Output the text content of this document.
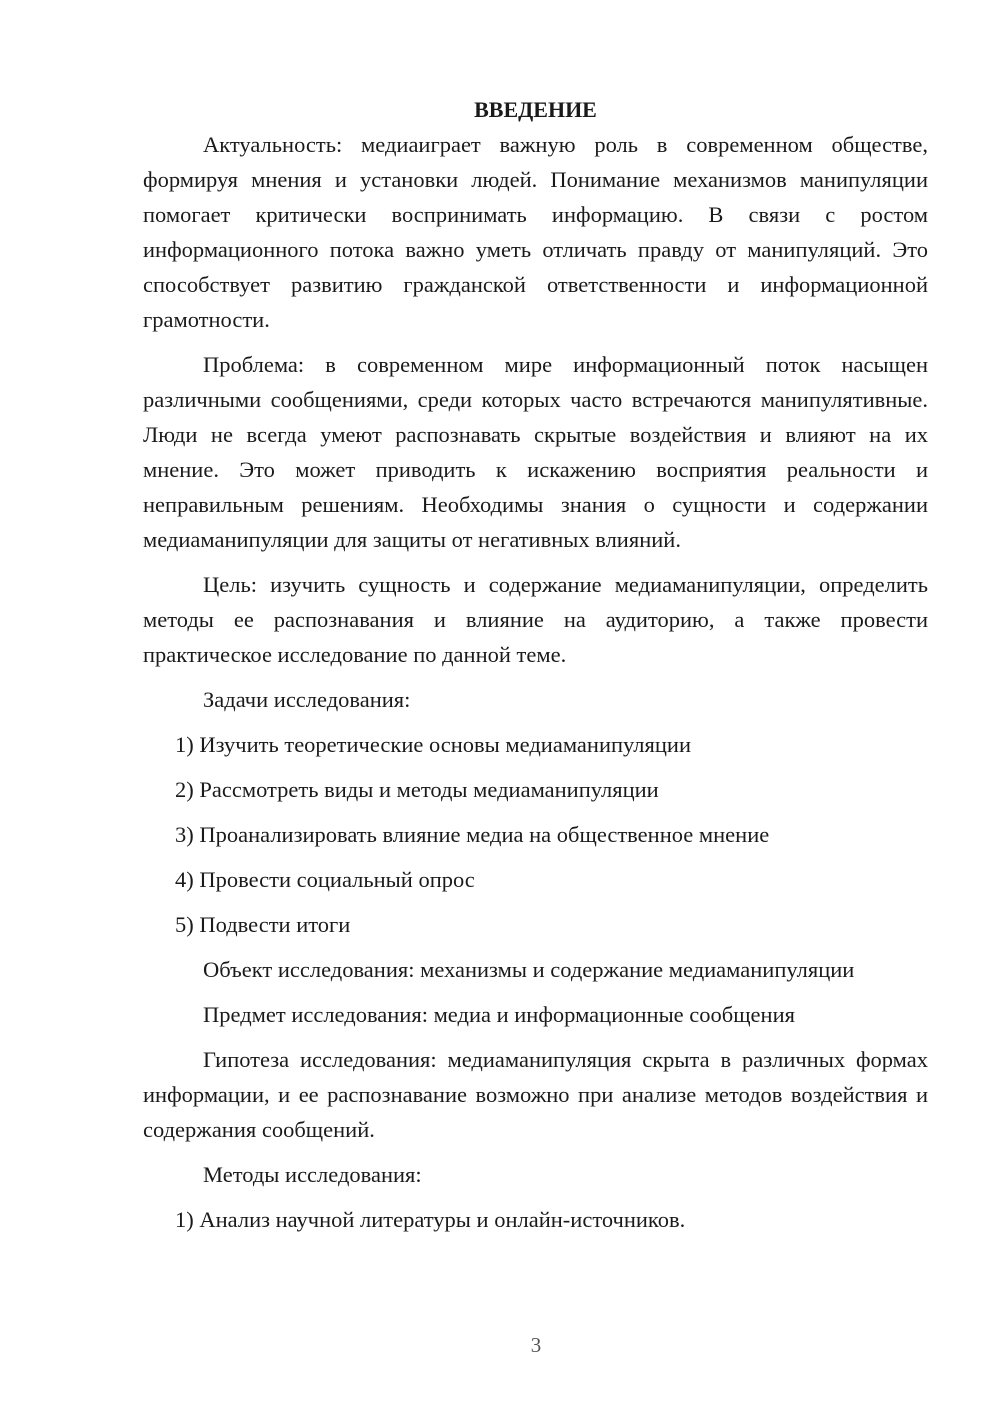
ВВЕДЕНИЕ

Актуальность: медиаиграет важную роль в современном обществе, формируя мнения и установки людей. Понимание механизмов манипуляции помогает критически воспринимать информацию. В связи с ростом информационного потока важно уметь отличать правду от манипуляций. Это способствует развитию гражданской ответственности и информационной грамотности.

Проблема: в современном мире информационный поток насыщен различными сообщениями, среди которых часто встречаются манипулятивные. Люди не всегда умеют распознавать скрытые воздействия и влияют на их мнение. Это может приводить к искажению восприятия реальности и неправильным решениям. Необходимы знания о сущности и содержании медиаманипуляции для защиты от негативных влияний.

Цель: изучить сущность и содержание медиаманипуляции, определить методы ее распознавания и влияние на аудиторию, а также провести практическое исследование по данной теме.

Задачи исследования:
1) Изучить теоретические основы медиаманипуляции
2) Рассмотреть виды и методы медиаманипуляции
3) Проанализировать влияние медиа на общественное мнение
4) Провести социальный опрос
5) Подвести итоги
Объект исследования: механизмы и содержание медиаманипуляции
Предмет исследования: медиа и информационные сообщения

Гипотеза исследования: медиаманипуляция скрыта в различных формах информации, и ее распознавание возможно при анализе методов воздействия и содержания сообщений.

Методы исследования:
1) Анализ научной литературы и онлайн-источников.
3
